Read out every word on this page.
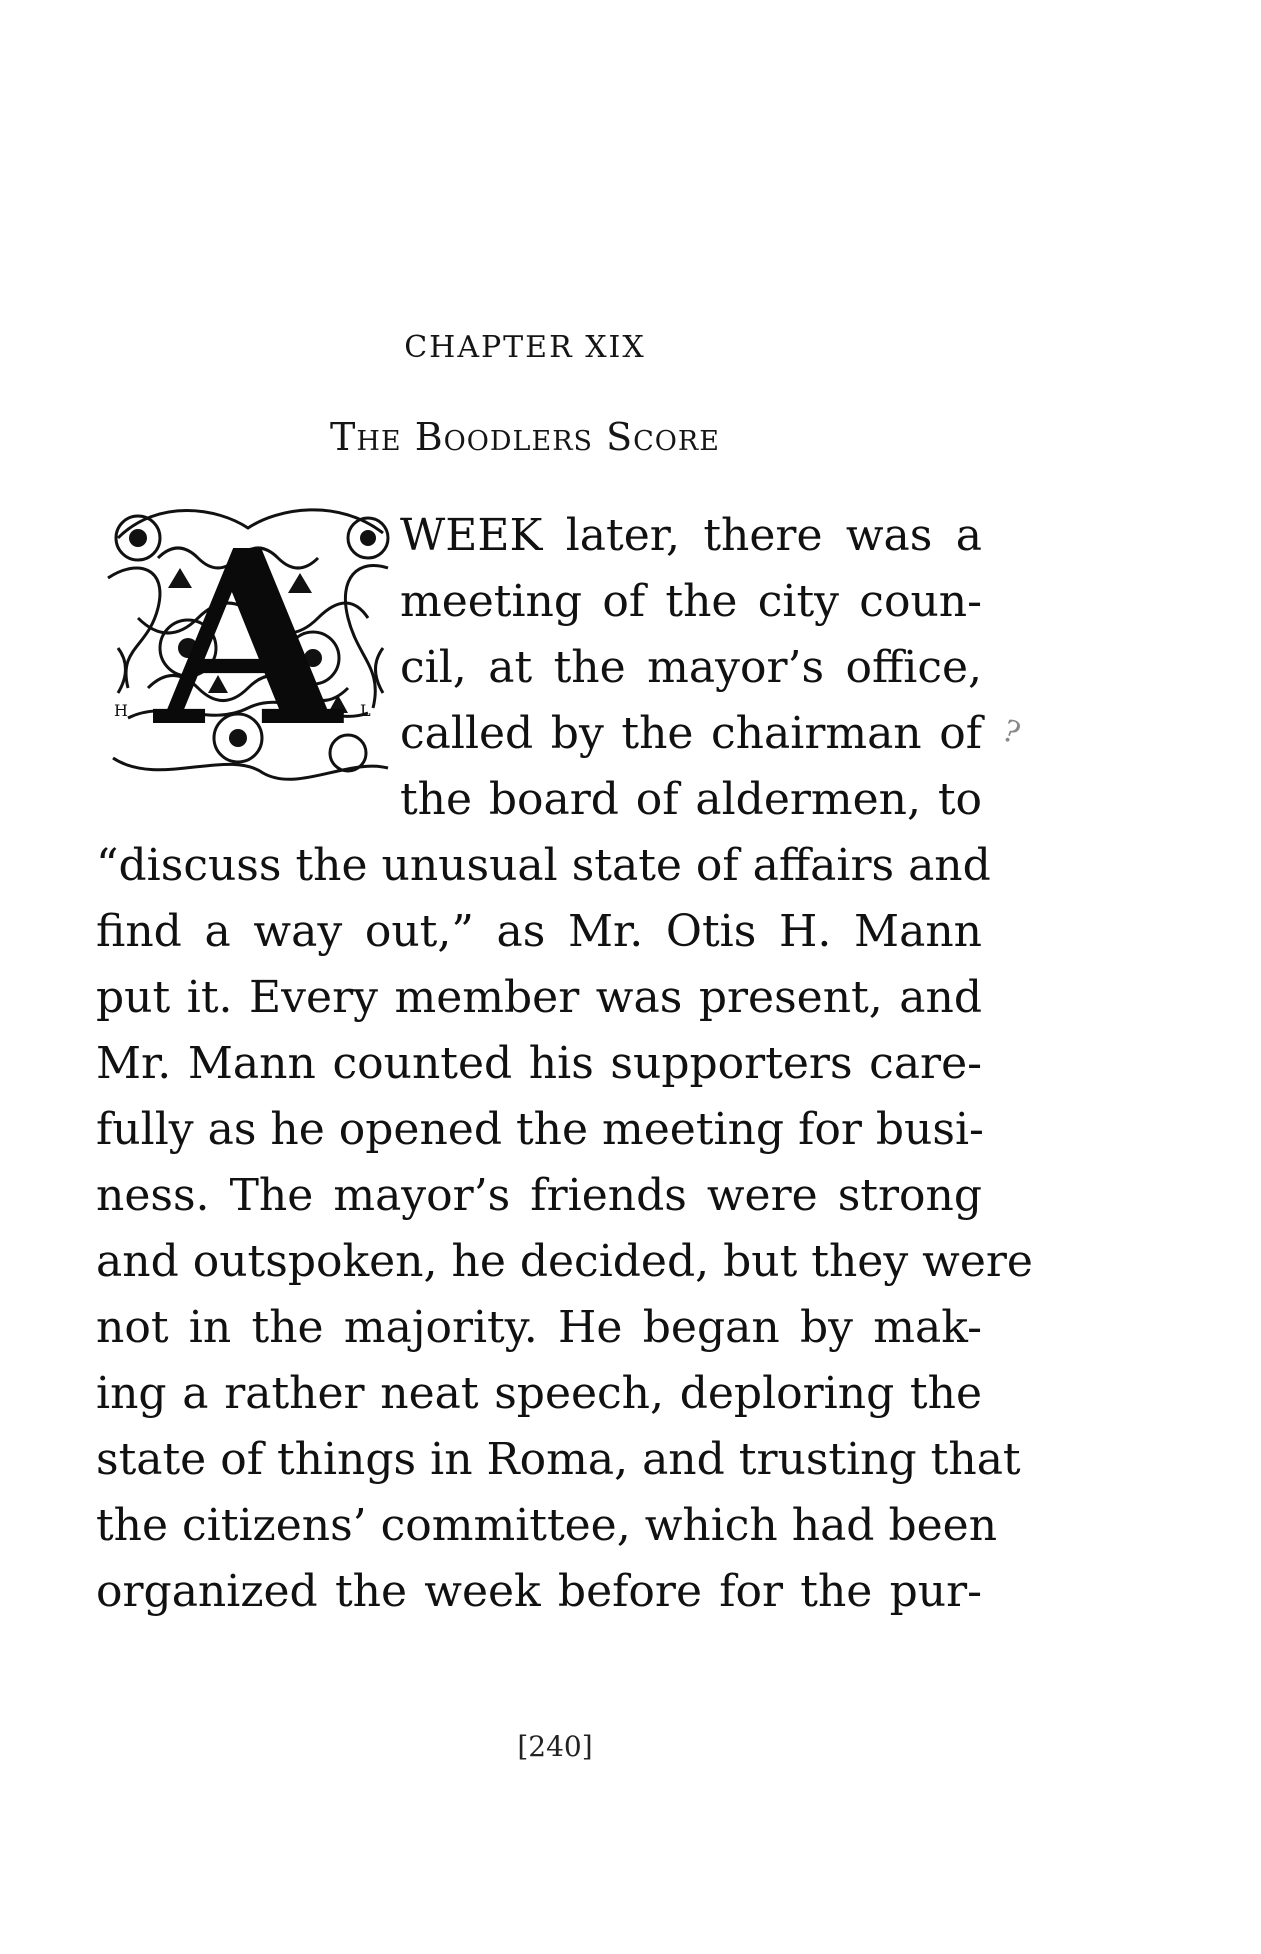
CHAPTER XIX
The Boodlers Score
A
H	L
WEEK later, there was a
meeting of the city coun-
cil, at the mayor’s office,
called by the chairman of
the board of aldermen, to
?
“discuss the unusual state of affairs and
find a way out,” as Mr. Otis H. Mann
put it. Every member was present, and
Mr. Mann counted his supporters care-
fully as he opened the meeting for busi-
ness. The mayor’s friends were strong
and outspoken, he decided, but they were
not in the majority. He began by mak-
ing a rather neat speech, deploring the
state of things in Roma, and trusting that
the citizens’ committee, which had been
organized the week before for the pur-
[240]
